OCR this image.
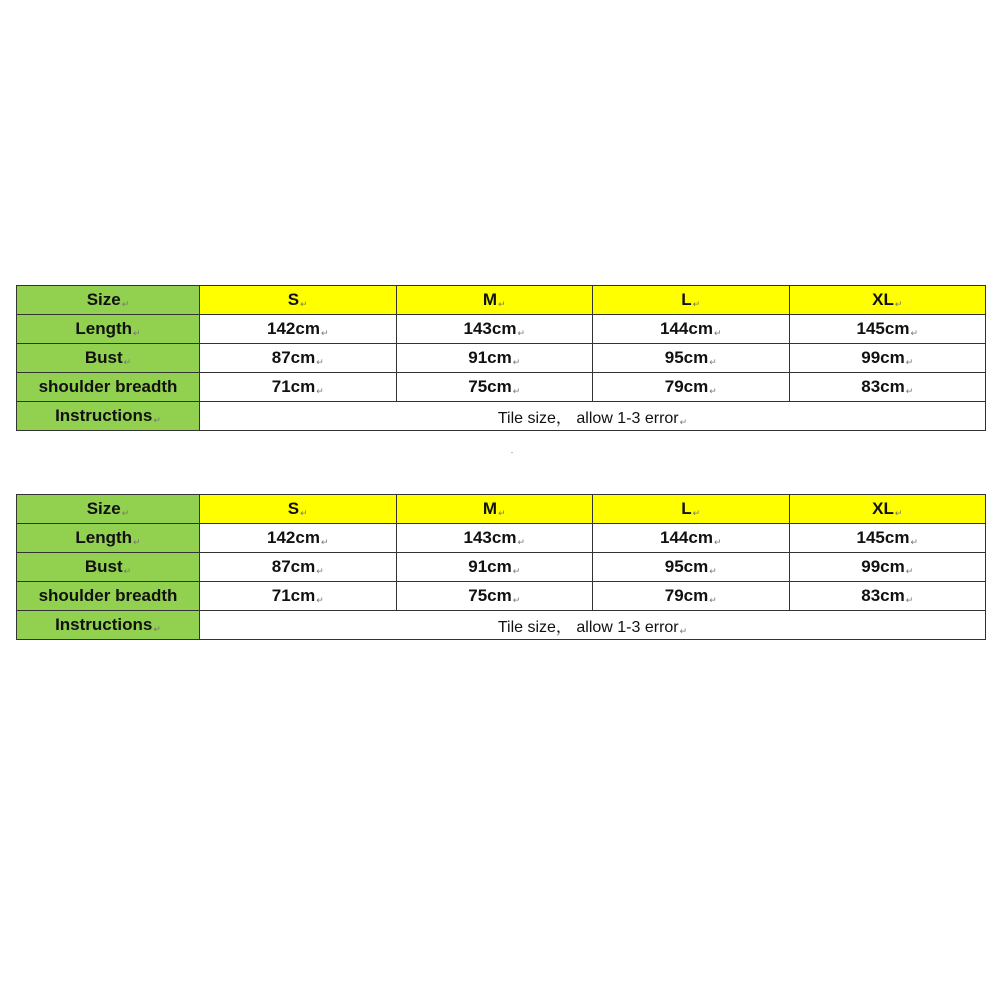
Size↵	S↵	M↵	L↵	XL↵
Length↵	142cm↵	143cm↵	144cm↵	145cm↵
Bust↵	87cm↵	91cm↵	95cm↵	99cm↵
shoulder breadth	71cm↵	75cm↵	79cm↵	83cm↵
Instructions↵	Tile size， allow 1-3 error↵			
Size↵	S↵	M↵	L↵	XL↵
Length↵	142cm↵	143cm↵	144cm↵	145cm↵
Bust↵	87cm↵	91cm↵	95cm↵	99cm↵
shoulder breadth	71cm↵	75cm↵	79cm↵	83cm↵
Instructions↵	Tile size， allow 1-3 error↵			
